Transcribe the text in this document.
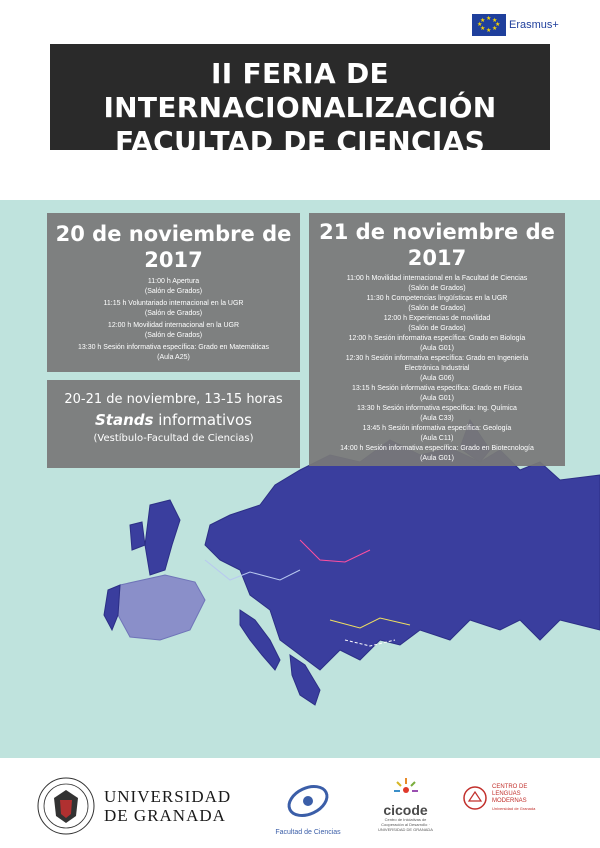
★ ★
★
★
★
★
★
★ Erasmus+
II FERIA DE INTERNACIONALIZACIÓN
FACULTAD DE CIENCIAS
20 de noviembre de 2017
11:00 h Apertura
(Salón de Grados)
11:15 h Voluntariado internacional en la UGR
(Salón de Grados)
12:00 h Movilidad internacional en la UGR
(Salón de Grados)
13:30 h Sesión informativa específica: Grado en Matemáticas
(Aula A25)
20-21 de noviembre, 13-15 horas
Stands informativos
(Vestíbulo-Facultad de Ciencias)
21 de noviembre de 2017
11:00 h Movilidad internacional en la Facultad de Ciencias
(Salón de Grados)
11:30 h Competencias lingüísticas en la UGR
(Salón de Grados)
12:00 h Experiencias de movilidad
(Salón de Grados)
12:00 h Sesión informativa específica: Grado en Biología
(Aula G01)
12:30 h Sesión informativa específica: Grado en Ingeniería
Electrónica Industrial
(Aula G06)
13:15 h Sesión informativa específica: Grado en Física
(Aula G01)
13:30 h Sesión informativa específica: Ing. Química
(Aula C33)
13:45 h Sesión informativa específica: Geología
(Aula C11)
14:00 h Sesión informativa específica: Grado en Biotecnología
(Aula G01)
UNIVERSIDAD
DE GRANADA
Facultad de Ciencias
cicode
Centro de Iniciativas de Cooperación al Desarrollo · UNIVERSIDAD DE GRANADA
CENTRO DE
LENGUAS
MODERNAS
Universidad de Granada
